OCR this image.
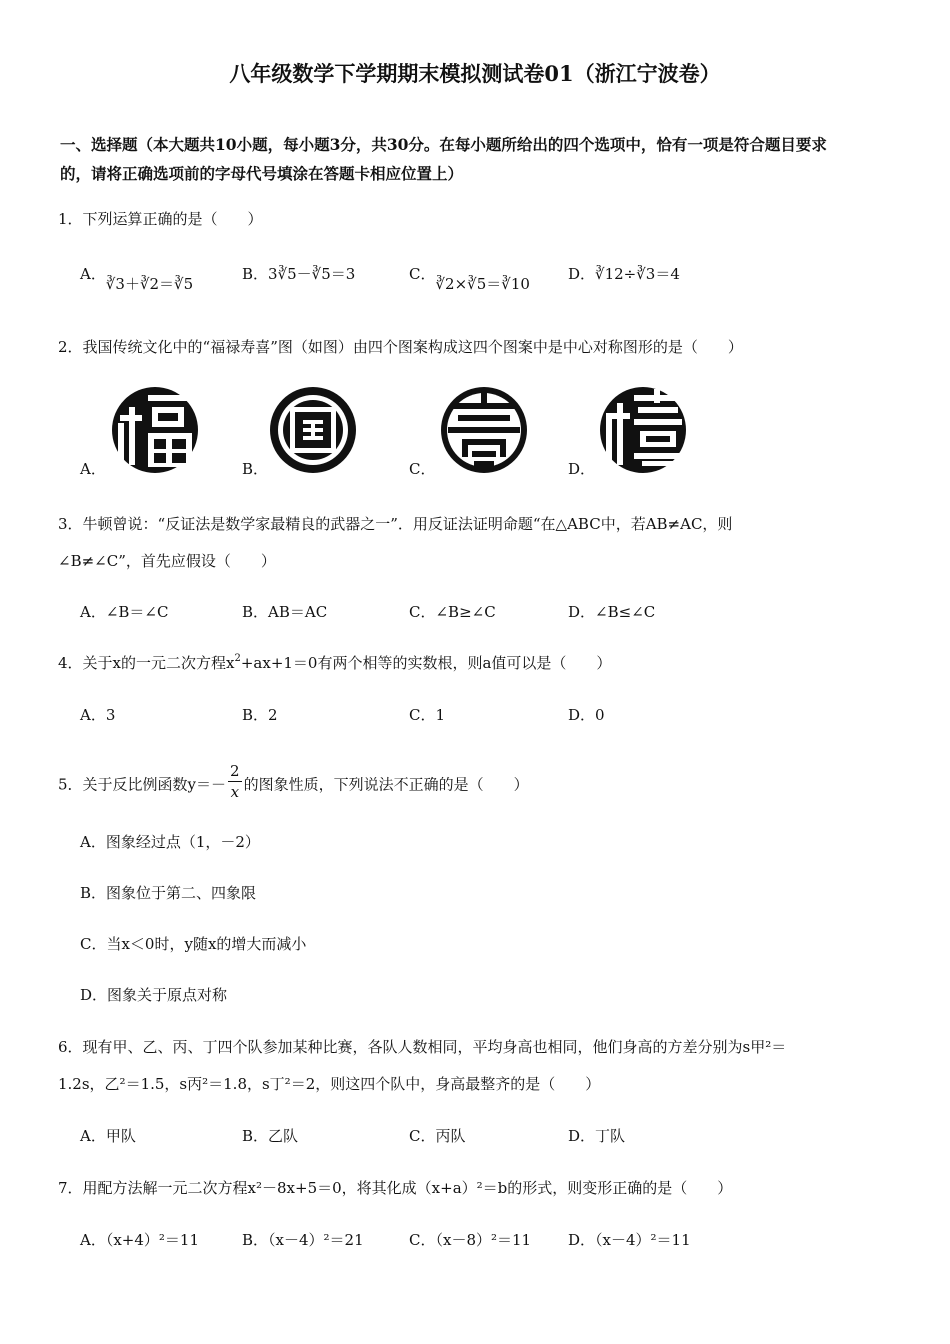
八年级数学下学期期末模拟测试卷01（浙江宁波卷）
一、选择题（本大题共10小题，每小题3分，共30分。在每小题所给出的四个选项中，恰有一项是符合题目要求
的，请将正确选项前的字母代号填涂在答题卡相应位置上）
1．下列运算正确的是（　　）
A．∛3＋∛2＝∛5
B．3∛5－∛5＝3	C．∛2×∛5＝∛10
D．∛12÷∛3＝4
2．我国传统文化中的“福禄寿喜”图（如图）由四个图案构成这四个图案中是中心对称图形的是（　　）
A．	B．	C．	D．
3．牛顿曾说：“反证法是数学家最精良的武器之一”．用反证法证明命题“在△ABC中，若AB≠AC，则
∠B≠∠C”，首先应假设（　　）
A．∠B＝∠C	B．AB＝AC	C．∠B≥∠C	D．∠B≤∠C
4．关于x的一元二次方程$x^2+ax+1=0$有两个相等的实数根，则a值可以是（　　）
A．3	B．2	C．1	D．0
5．关于反比例函数$y=- \frac{2}{x}$ 的图象性质，下列说法不正确的是（　　）
A．图象经过点（1，－2）
B．图象位于第二、四象限
C．当x＜0时，y随x的增大而减小
D．图象关于原点对称
6．现有甲、乙、丙、丁四个队参加某种比赛，各队人数相同，平均身高也相同，他们身高的方差分别为s甲²＝
1.2s，乙²＝1.5，s丙²＝1.8，s丁²＝2，则这四个队中，身高最整齐的是（　　）
A．甲队	B．乙队	C．丙队	D．丁队
7．用配方法解一元二次方程x²－8x+5＝0，将其化成（x+a）²＝b的形式，则变形正确的是（　　）
A．（x+4）²＝11	B．（x－4）²＝21	C．（x－8）²＝11 D．（x－4）²＝11
